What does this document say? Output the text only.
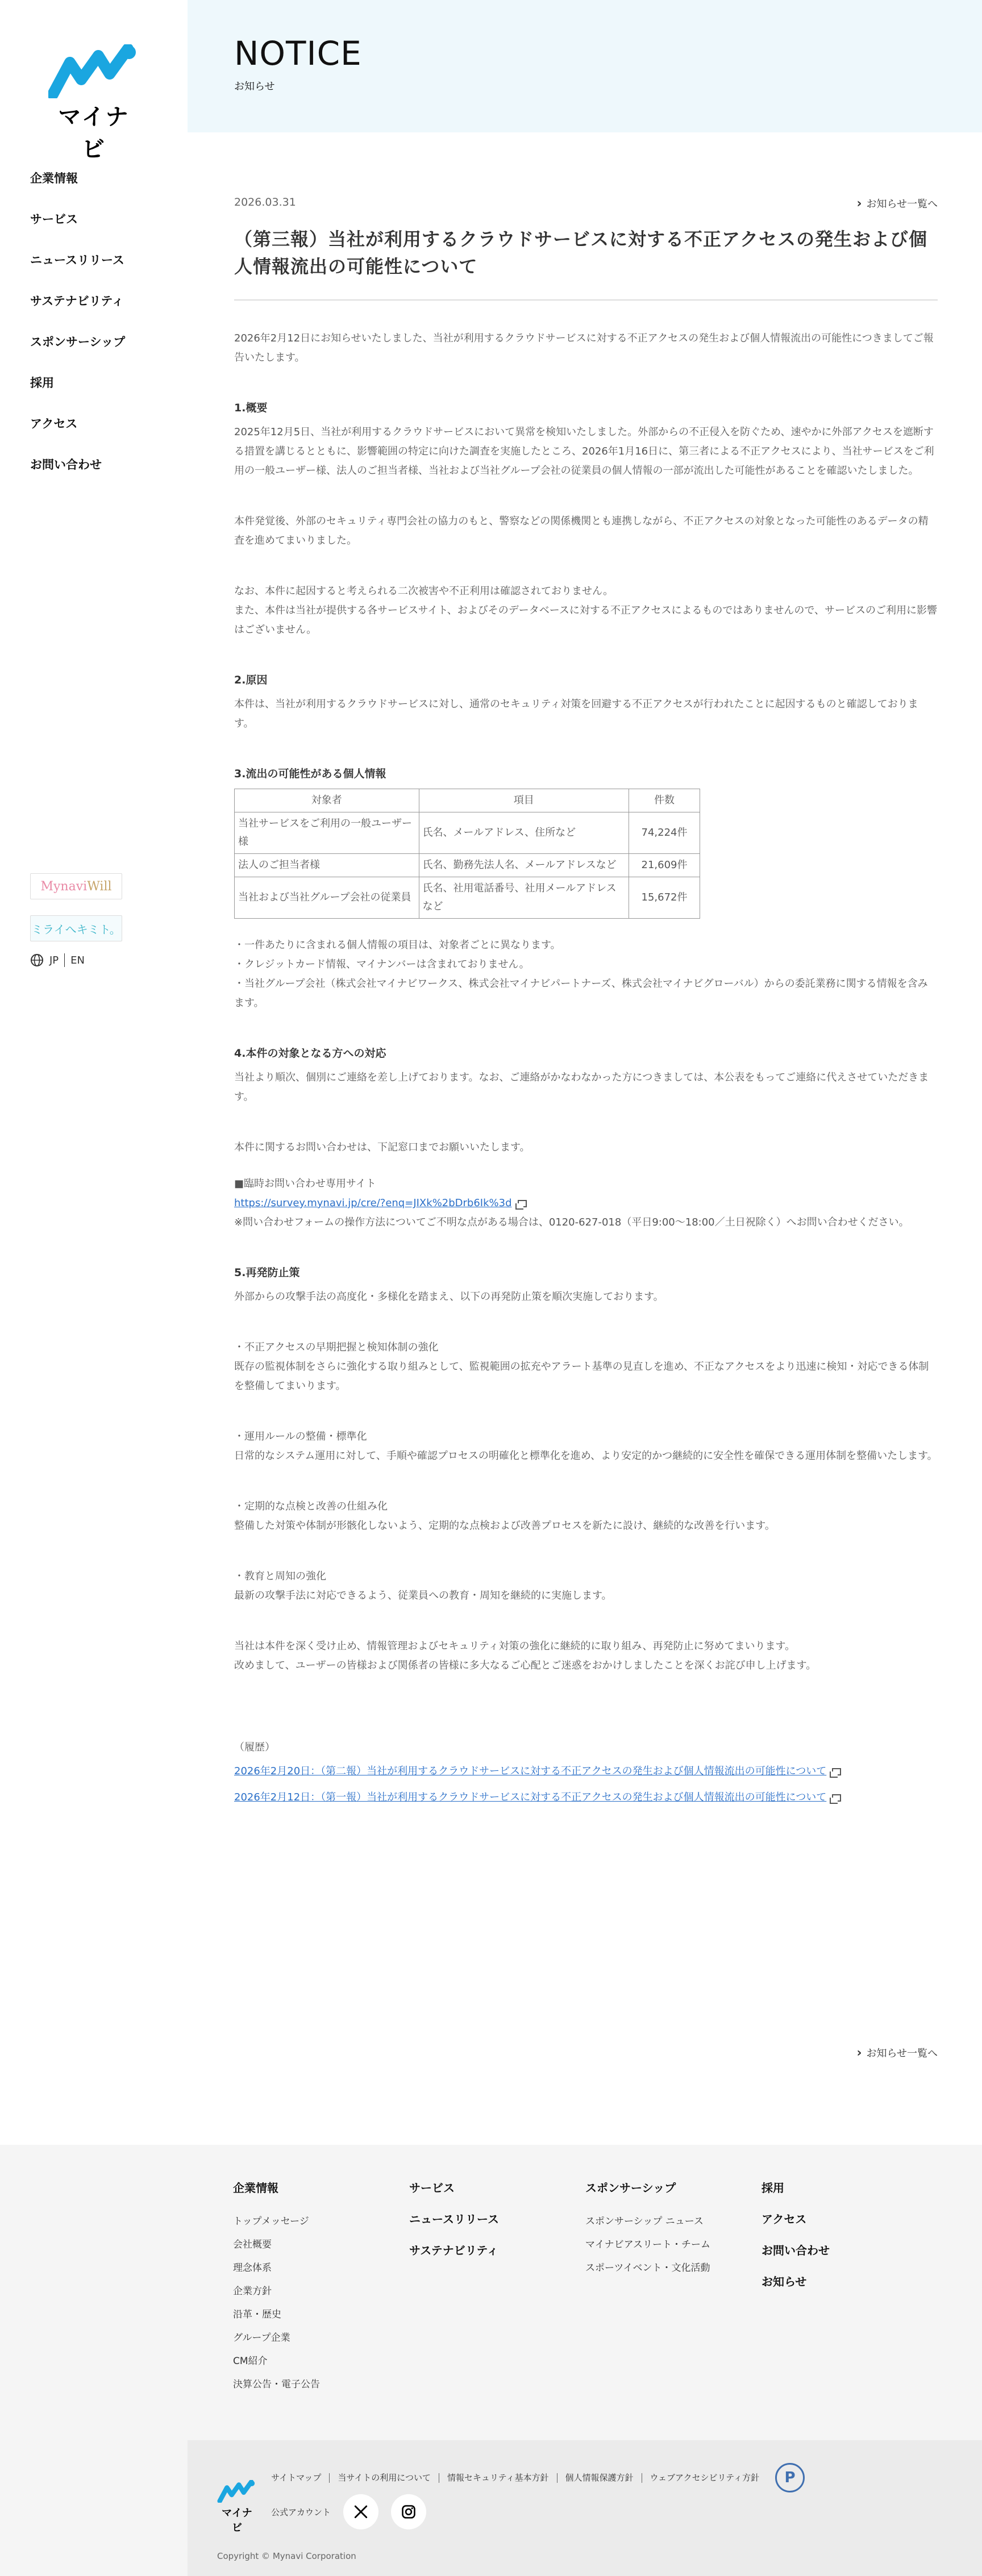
マイナビ
企業情報
サービス
ニュースリリース
サステナビリティ
スポンサーシップ
採用
アクセス
お問い合わせ
Mynavi Will
ミライへキミト。
JP EN
NOTICE

お知らせ

2026.03.31	› お知らせ一覧へ
（第三報）当社が利用するクラウドサービスに対する不正アクセスの発生および個人情報流出の可能性について

2026年2月12日にお知らせいたしました、当社が利用するクラウドサービスに対する不正アクセスの発生および個人情報流出の可能性につきましてご報告いたします。

1.概要

2025年12月5日、当社が利用するクラウドサービスにおいて異常を検知いたしました。外部からの不正侵入を防ぐため、速やかに外部アクセスを遮断する措置を講じるとともに、影響範囲の特定に向けた調査を実施したところ、2026年1月16日に、第三者による不正アクセスにより、当社サービスをご利用の一般ユーザー様、法人のご担当者様、当社および当社グループ会社の従業員の個人情報の一部が流出した可能性があることを確認いたしました。

本件発覚後、外部のセキュリティ専門会社の協力のもと、警察などの関係機関とも連携しながら、不正アクセスの対象となった可能性のあるデータの精査を進めてまいりました。

なお、本件に起因すると考えられる二次被害や不正利用は確認されておりません。

また、本件は当社が提供する各サービスサイト、およびそのデータベースに対する不正アクセスによるものではありませんので、サービスのご利用に影響はございません。

2.原因

本件は、当社が利用するクラウドサービスに対し、通常のセキュリティ対策を回避する不正アクセスが行われたことに起因するものと確認しております。

3.流出の可能性がある個人情報
対象者	項目	件数
当社サービスをご利用の一般ユーザー様	氏名、メールアドレス、住所など	74,224件
法人のご担当者様	氏名、勤務先法人名、メールアドレスなど	21,609件
当社および当社グループ会社の従業員	氏名、社用電話番号、社用メールアドレスなど	15,672件

・一件あたりに含まれる個人情報の項目は、対象者ごとに異なります。

・クレジットカード情報、マイナンバーは含まれておりません。

・当社グループ会社（株式会社マイナビワークス、株式会社マイナビパートナーズ、株式会社マイナビグローバル）からの委託業務に関する情報を含みます。

4.本件の対象となる方への対応

当社より順次、個別にご連絡を差し上げております。なお、ご連絡がかなわなかった方につきましては、本公表をもってご連絡に代えさせていただきます。

本件に関するお問い合わせは、下記窓口までお願いいたします。

■臨時お問い合わせ専用サイト

https://survey.mynavi.jp/cre/?enq=JIXk%2bDrb6Ik%3d

※問い合わせフォームの操作方法についてご不明な点がある場合は、0120-627-018（平日9:00～18:00／土日祝除く）へお問い合わせください。

5.再発防止策

外部からの攻撃手法の高度化・多様化を踏まえ、以下の再発防止策を順次実施しております。

・不正アクセスの早期把握と検知体制の強化

既存の監視体制をさらに強化する取り組みとして、監視範囲の拡充やアラート基準の見直しを進め、不正なアクセスをより迅速に検知・対応できる体制を整備してまいります。

・運用ルールの整備・標準化

日常的なシステム運用に対して、手順や確認プロセスの明確化と標準化を進め、より安定的かつ継続的に安全性を確保できる運用体制を整備いたします。

・定期的な点検と改善の仕組み化

整備した対策や体制が形骸化しないよう、定期的な点検および改善プロセスを新たに設け、継続的な改善を行います。

・教育と周知の強化

最新の攻撃手法に対応できるよう、従業員への教育・周知を継続的に実施します。

当社は本件を深く受け止め、情報管理およびセキュリティ対策の強化に継続的に取り組み、再発防止に努めてまいります。

改めまして、ユーザーの皆様および関係者の皆様に多大なるご心配とご迷惑をおかけしましたことを深くお詫び申し上げます。

（履歴）

2026年2月20日：（第二報）当社が利用するクラウドサービスに対する不正アクセスの発生および個人情報流出の可能性について

2026年2月12日：（第一報）当社が利用するクラウドサービスに対する不正アクセスの発生および個人情報流出の可能性について

› お知らせ一覧へ
企業情報
トップメッセージ
会社概要
理念体系
企業方針
沿革・歴史
グループ企業
CM紹介
決算公告・電子公告
サービス
ニュースリリース
サステナビリティ
スポンサーシップ
スポンサーシップ ニュース
マイナビアスリート・チーム
スポーツイベント・文化活動
採用
アクセス
お問い合わせ
お知らせ
マイナビ
サイトマップ	当サイトの利用について	情報セキュリティ基本方針	個人情報保護方針	ウェブアクセシビリティ方針	P
公式アカウント
Copyright © Mynavi Corporation
